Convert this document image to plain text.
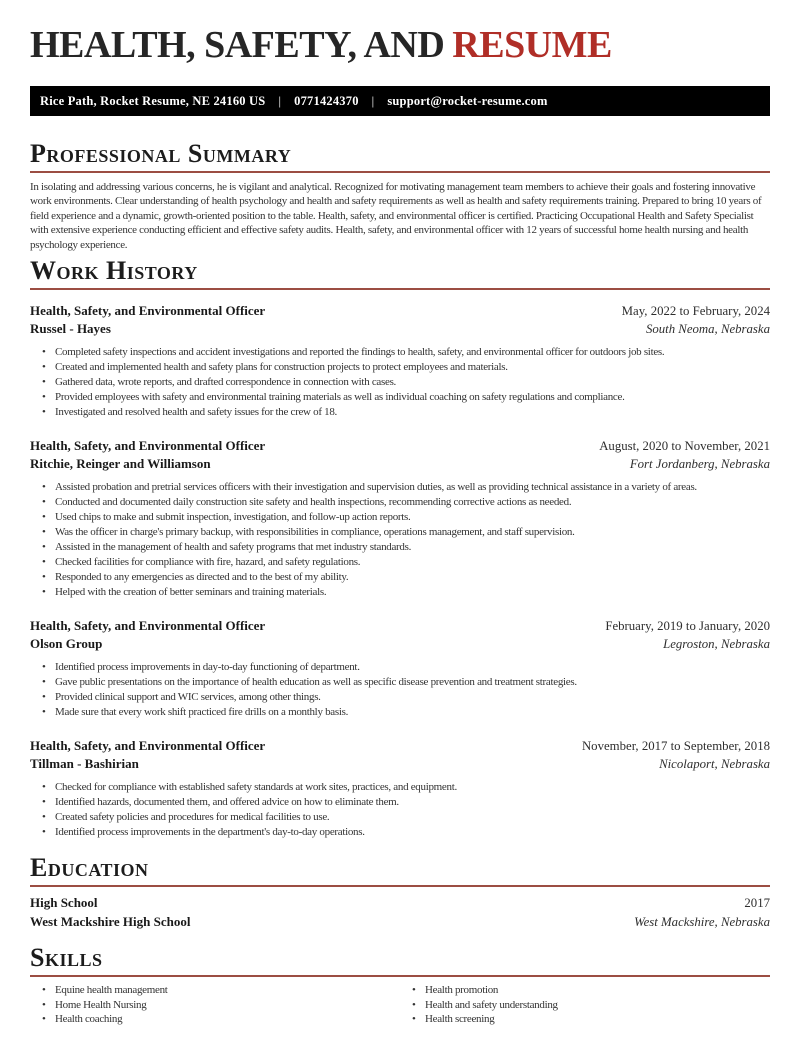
HEALTH, SAFETY, AND RESUME
Rice Path, Rocket Resume, NE 24160 US | 0771424370 | support@rocket-resume.com
Professional Summary

In isolating and addressing various concerns, he is vigilant and analytical. Recognized for motivating management team members to achieve their goals and fostering innovative work environments. Clear understanding of health psychology and health and safety requirements as well as health and safety requirements training. Prepared to bring 10 years of field experience and a dynamic, growth-oriented position to the table. Health, safety, and environmental officer is certified. Practicing Occupational Health and Safety Specialist with extensive experience conducting efficient and effective safety audits. Health, safety, and environmental officer with 12 years of successful home health nursing and health psychology experience.

Work History
Health, Safety, and Environmental Officer	May, 2022 to February, 2024
Russel - Hayes	South Neoma, Nebraska
• Completed safety inspections and accident investigations and reported the findings to health, safety, and environmental officer for outdoors job sites.
• Created and implemented health and safety plans for construction projects to protect employees and materials.
• Gathered data, wrote reports, and drafted correspondence in connection with cases.
• Provided employees with safety and environmental training materials as well as individual coaching on safety regulations and compliance.
• Investigated and resolved health and safety issues for the crew of 18.
Health, Safety, and Environmental Officer	August, 2020 to November, 2021
Ritchie, Reinger and Williamson	Fort Jordanberg, Nebraska
• Assisted probation and pretrial services officers with their investigation and supervision duties, as well as providing technical assistance in a variety of areas.
• Conducted and documented daily construction site safety and health inspections, recommending corrective actions as needed.
• Used chips to make and submit inspection, investigation, and follow-up action reports.
• Was the officer in charge's primary backup, with responsibilities in compliance, operations management, and staff supervision.
• Assisted in the management of health and safety programs that met industry standards.
• Checked facilities for compliance with fire, hazard, and safety regulations.
• Responded to any emergencies as directed and to the best of my ability.
• Helped with the creation of better seminars and training materials.
Health, Safety, and Environmental Officer	February, 2019 to January, 2020
Olson Group	Legroston, Nebraska
• Identified process improvements in day-to-day functioning of department.
• Gave public presentations on the importance of health education as well as specific disease prevention and treatment strategies.
• Provided clinical support and WIC services, among other things.
• Made sure that every work shift practiced fire drills on a monthly basis.
Health, Safety, and Environmental Officer	November, 2017 to September, 2018
Tillman - Bashirian	Nicolaport, Nebraska
• Checked for compliance with established safety standards at work sites, practices, and equipment.
• Identified hazards, documented them, and offered advice on how to eliminate them.
• Created safety policies and procedures for medical facilities to use.
• Identified process improvements in the department's day-to-day operations.
Education
High School	2017
West Mackshire High School	West Mackshire, Nebraska
Skills
• Equine health management
• Home Health Nursing
• Health coaching
• Health promotion
• Health and safety understanding
• Health screening
